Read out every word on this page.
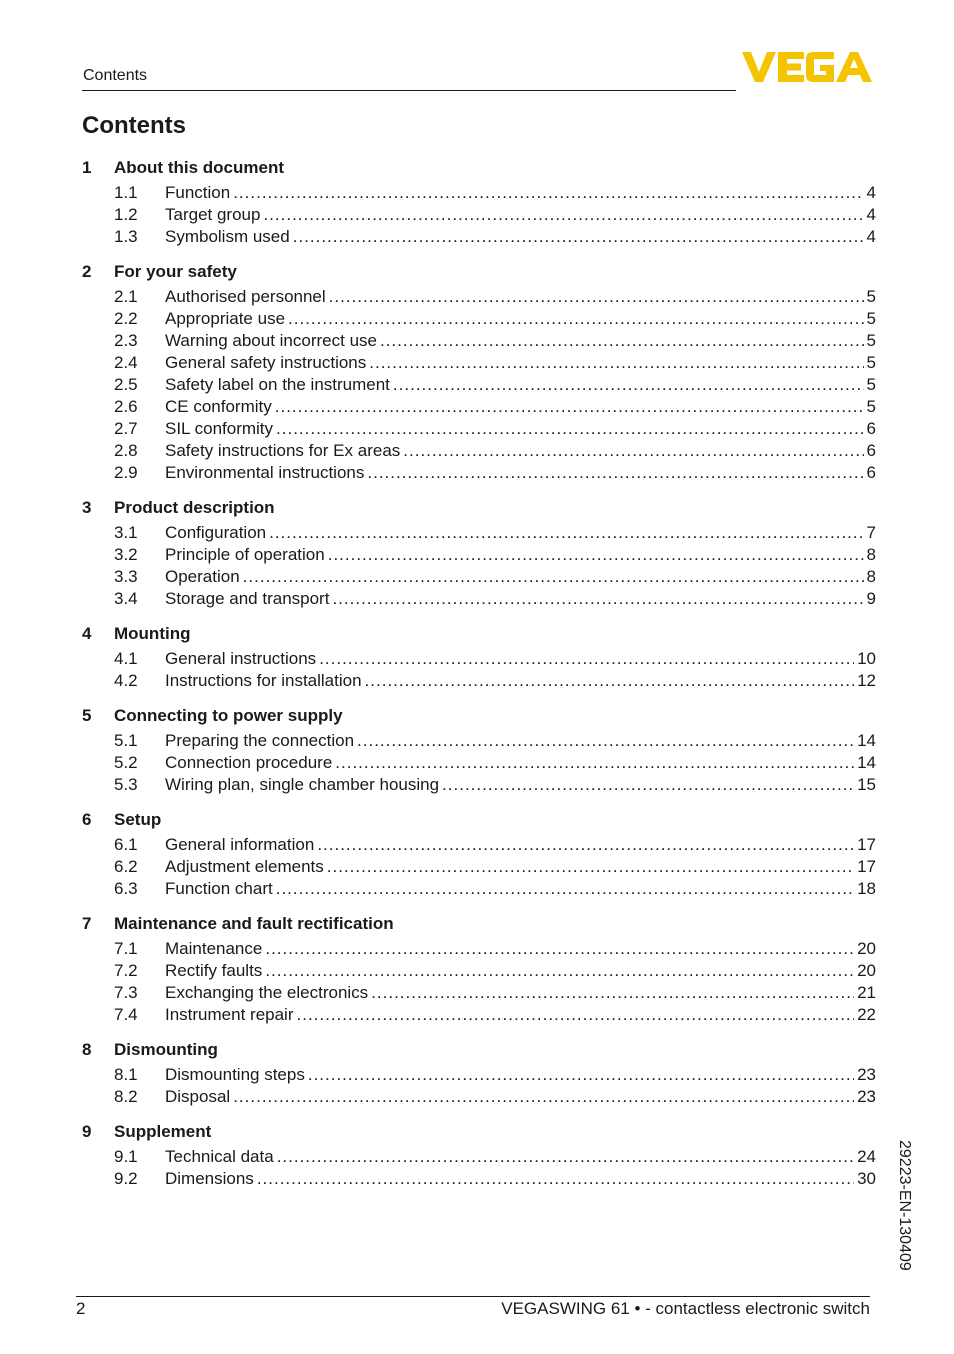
Contents
Contents
1	About this document
1.1	Function .....	4
1.2	Target group .....	4
1.3	Symbolism used .....	4
2	For your safety
2.1	Authorised personnel .....	5
2.2	Appropriate use .....	5
2.3	Warning about incorrect use .....	5
2.4	General safety instructions .....	5
2.5	Safety label on the instrument .....	5
2.6	CE conformity .....	5
2.7	SIL conformity .....	6
2.8	Safety instructions for Ex areas .....	6
2.9	Environmental instructions .....	6
3	Product description
3.1	Configuration .....	7
3.2	Principle of operation .....	8
3.3	Operation .....	8
3.4	Storage and transport .....	9
4	Mounting
4.1	General instructions .....	10
4.2	Instructions for installation .....	12
5	Connecting to power supply
5.1	Preparing the connection .....	14
5.2	Connection procedure .....	14
5.3	Wiring plan, single chamber housing .....	15
6	Setup
6.1	General information .....	17
6.2	Adjustment elements .....	17
6.3	Function chart .....	18
7	Maintenance and fault rectification
7.1	Maintenance .....	20
7.2	Rectify faults .....	20
7.3	Exchanging the electronics .....	21
7.4	Instrument repair .....	22
8	Dismounting
8.1	Dismounting steps .....	23
8.2	Disposal .....	23
9	Supplement
9.1	Technical data .....	24
9.2	Dimensions .....	30 29223-EN-130409
2	VEGASWING 61 • - contactless electronic switch
